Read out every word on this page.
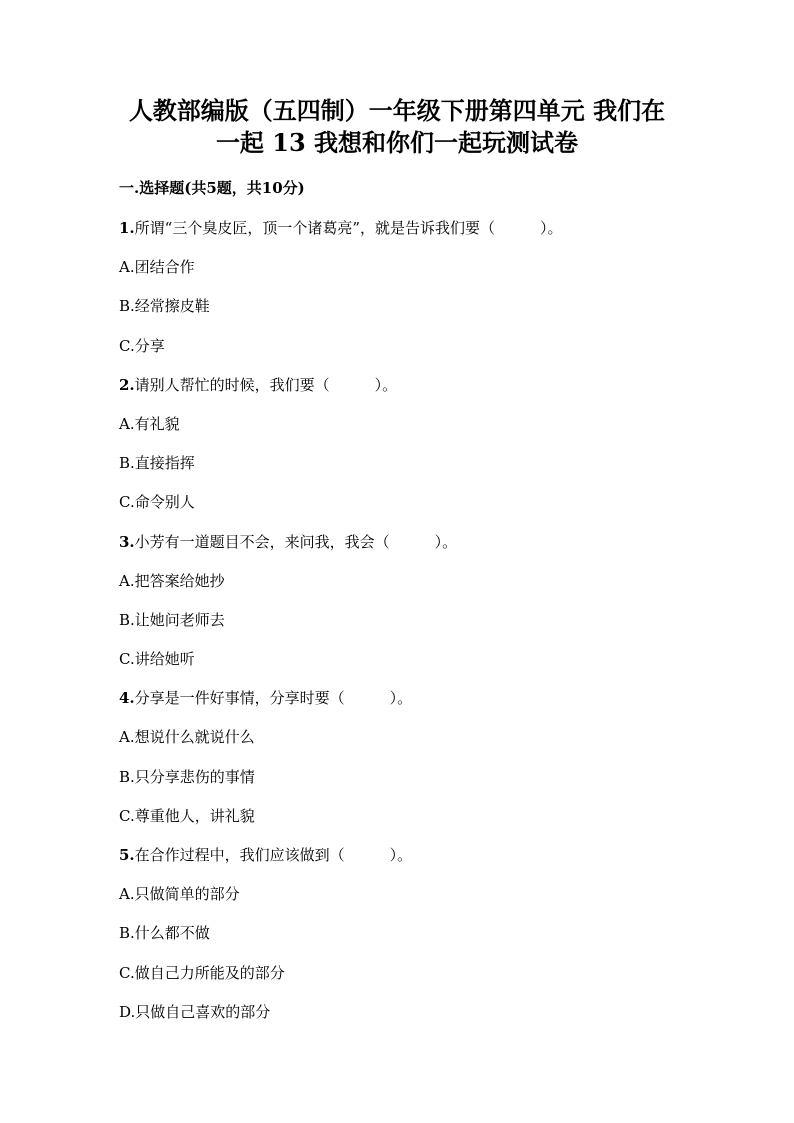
人教部编版（五四制）一年级下册第四单元 我们在
一起 13 我想和你们一起玩测试卷

一.选择题(共5题，共10分)

1.所谓“三个臭皮匠，顶一个诸葛亮”，就是告诉我们要（　　　）。
A.团结合作
B.经常擦皮鞋
C.分享
2.请别人帮忙的时候，我们要（　　　）。
A.有礼貌
B.直接指挥
C.命令别人
3.小芳有一道题目不会，来问我，我会（　　　）。
A.把答案给她抄
B.让她问老师去
C.讲给她听
4.分享是一件好事情，分享时要（　　　）。
A.想说什么就说什么
B.只分享悲伤的事情
C.尊重他人，讲礼貌
5.在合作过程中，我们应该做到（　　　）。
A.只做简单的部分
B.什么都不做
C.做自己力所能及的部分
D.只做自己喜欢的部分
